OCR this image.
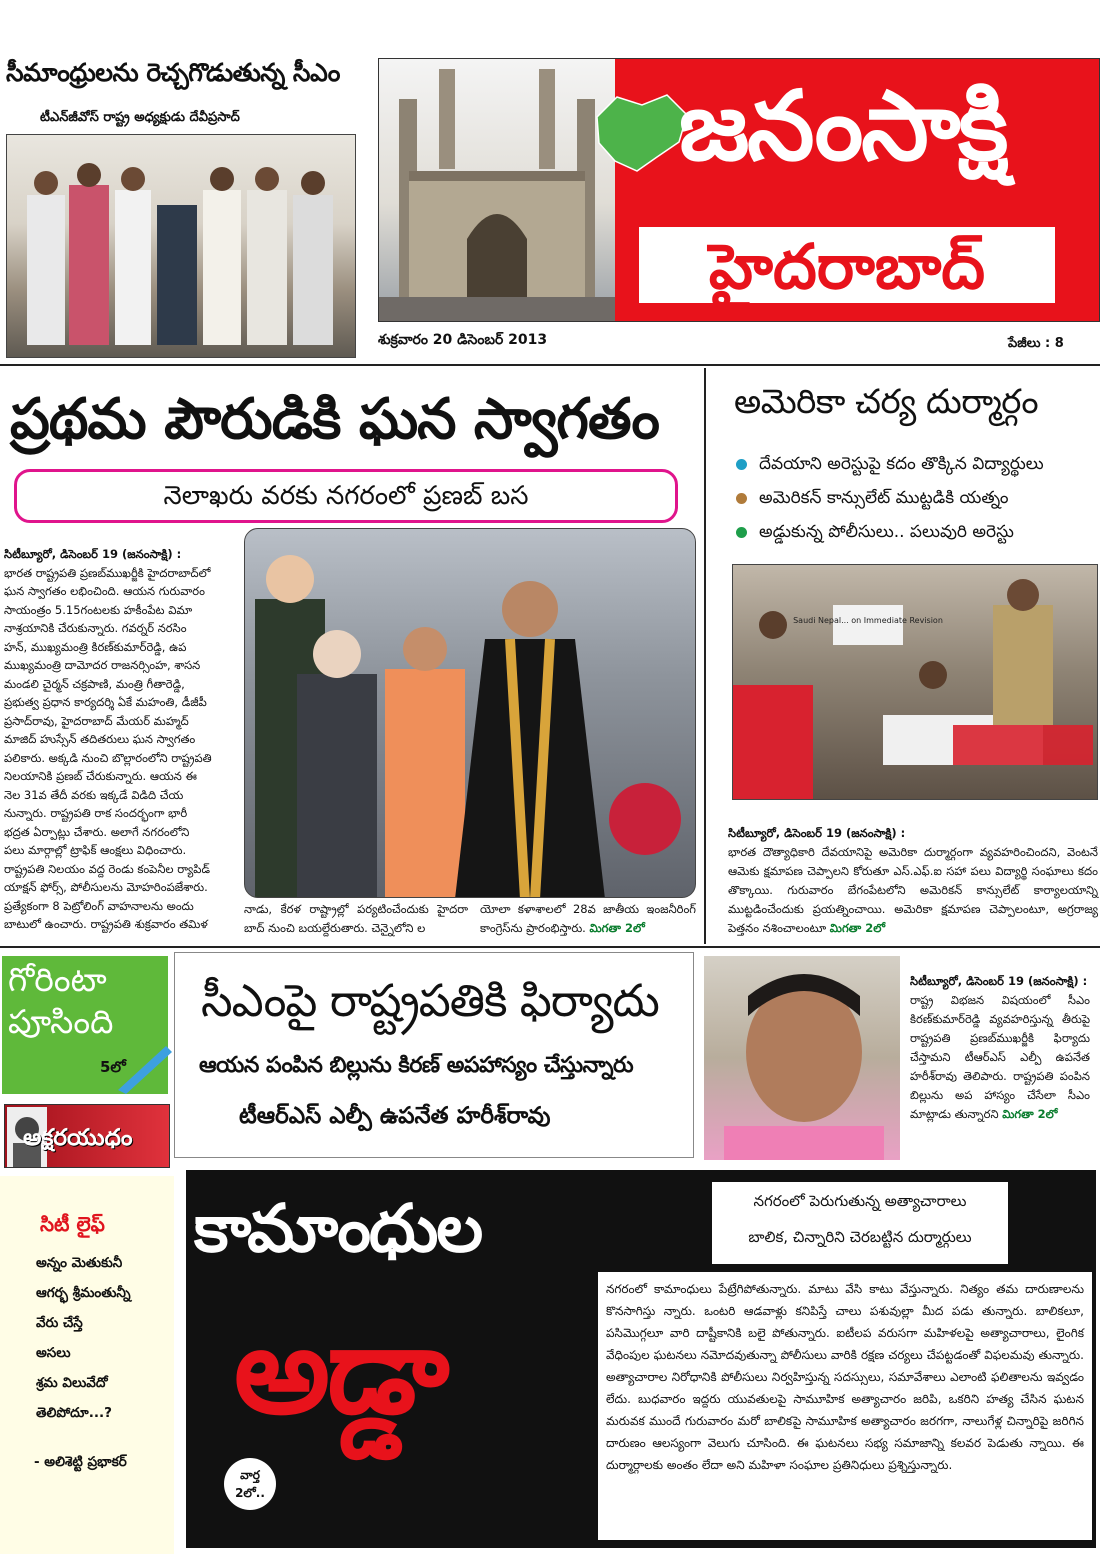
సీమాంధ్రులను రెచ్చగొడుతున్న సీఎం
టీఎన్‌జీవోస్‌ రాష్ట్ర అధ్యక్షుడు దేవీప్రసాద్‌	జనంసాక్షి
హైదరాబాద్‌
శుక్రవారం 20 డిసెంబర్‌ 2013	పేజీలు : 8
ప్రథమ పౌరుడికి ఘన స్వాగతం
నెలాఖరు వరకు నగరంలో ప్రణబ్‌ బస

సిటీబ్యూరో, డిసెంబర్‌ 19 (జనంసాక్షి) :

భారత రాష్ట్రపతి ప్రణబ్‌ముఖర్జీకి హైదరాబాద్‌లో

ఘన స్వాగతం లభించింది. ఆయన గురువారం

సాయంత్రం 5.15గంటలకు హకీంపేట విమా

నాశ్రయానికి చేరుకున్నారు. గవర్నర్‌ నరసిం

హన్‌, ముఖ్యమంత్రి కిరణ్‌కుమార్‌రెడ్డి, ఉప

ముఖ్యమంత్రి దామోదర రాజనర్సింహ, శాసన

మండలి చైర్మన్‌ చక్రపాణి, మంత్రి గీతారెడ్డి,

ప్రభుత్వ ప్రధాన కార్యదర్శి ఏకే మహంతి, డీజీపీ

ప్రసాద్‌రావు, హైదరాబాద్‌ మేయర్‌ మహ్మద్‌

మాజిద్‌ హుస్సేన్‌ తదితరులు ఘన స్వాగతం

పలికారు. అక్కడి నుంచి బొల్లారంలోని రాష్ట్రపతి

నిలయానికి ప్రణబ్‌ చేరుకున్నారు. ఆయన ఈ

నెల 31వ తేదీ వరకు ఇక్కడే విడిది చేయ

నున్నారు. రాష్ట్రపతి రాక సందర్భంగా భారీ

భద్రత ఏర్పాట్లు చేశారు. అలాగే నగరంలోని

పలు మార్గాల్లో ట్రాఫిక్‌ ఆంక్షలు విధించారు.

రాష్ట్రపతి నిలయం వద్ద రెండు కంపెనీల ర్యాపిడ్‌

యాక్షన్‌ ఫోర్స్‌, పోలీసులను మోహరింపజేశారు.

ప్రత్యేకంగా 8 పెట్రోలింగ్‌ వాహనాలను అందు

బాటులో ఉంచారు. రాష్ట్రపతి శుక్రవారం తమిళ

నాడు, కేరళ రాష్ట్రాల్లో పర్యటించేందుకు హైదరా బాద్‌ నుంచి బయల్దేరుతారు. చెన్నైలోని ల
యోలా కళాశాలలో 28వ జాతీయ ఇంజనీరింగ్‌ కాంగ్రెస్‌ను ప్రారంభిస్తారు. మిగతా 2లో
అమెరికా చర్య దుర్మార్గం
దేవయాని అరెస్టుపై కదం తొక్కిన విద్యార్థులు
అమెరికన్‌ కాన్సులేట్‌ ముట్టడికి యత్నం
అడ్డుకున్న పోలీసులు.. పలువురి అరెస్టు
Saudi Nepal... on Immediate Revision

సిటీబ్యూరో, డిసెంబర్‌ 19 (జనంసాక్షి) :

భారత దౌత్యాధికారి దేవయానిపై అమెరికా దుర్మార్గంగా వ్యవహరించిందని, వెంటనే ఆమెకు క్షమాపణ చెప్పాలని కోరుతూ ఎస్‌.ఎఫ్‌.ఐ సహా పలు విద్యార్థి సంఘాలు కదం తొక్కాయి. గురువారం బేగంపేటలోని అమెరికన్‌ కాన్సులేట్‌ కార్యాలయాన్ని ముట్టడించేందుకు ప్రయత్నించాయి. అమెరికా క్షమాపణ చెప్పాలంటూ, అగ్రరాజ్య పెత్తనం నశించాలంటూ మిగతా 2లో
గోరింటా
పూసింది
5లో
అక్షరయుధం
సిటీ లైఫ్‌
అన్నం మెతుకునీ
ఆగర్భ శ్రీమంతున్నీ
వేరు చేస్తే
అసలు
శ్రమ విలువేదో
తెలిపోదూ...?
- అలిశెట్టి ప్రభాకర్‌
సీఎంపై రాష్ట్రపతికి ఫిర్యాదు
ఆయన పంపిన బిల్లును కిరణ్‌ అపహాస్యం చేస్తున్నారు
టీఆర్‌ఎస్‌ ఎల్పీ ఉపనేత హరీశ్‌రావు

సిటీబ్యూరో, డిసెంబర్‌ 19 (జనంసాక్షి) :

రాష్ట్ర విభజన విషయంలో సీఎం కిరణ్‌కుమార్‌రెడ్డి వ్యవహరిస్తున్న తీరుపై రాష్ట్రపతి ప్రణబ్‌ముఖర్జీకి ఫిర్యాదు చేస్తామని టీఆర్‌ఎస్‌ ఎల్పీ ఉపనేత హరీశ్‌రావు తెలిపారు. రాష్ట్రపతి పంపిన బిల్లును అప హాస్యం చేసేలా సీఎం మాట్లాడు తున్నారని మిగతా 2లో
కామాంధుల
అడ్డా
వార్త
2లో..
నగరంలో పెరుగుతున్న అత్యాచారాలు
బాలిక, చిన్నారిని చెరబట్టిన దుర్మార్గులు
నగరంలో కామాంధులు పేట్రేగిపోతున్నారు. మాటు వేసి కాటు వేస్తున్నారు. నిత్యం తమ దారుణాలను కొనసాగిస్తు న్నారు. ఒంటరి ఆడవాళ్లు కనిపిస్తే చాలు పశువుల్లా మీద పడు తున్నారు. బాలికలూ, పసిమొగ్గలూ వారి దాష్టీకానికి బలై పోతున్నారు. ఐటీలప వరుసగా మహిళలపై అత్యాచారాలు, లైంగిక వేధింపుల ఘటనలు నమోదవుతున్నా పోలీసులు వారికి రక్షణ చర్యలు చేపట్టడంతో విఫలమవు తున్నారు. అత్యాచారాల నిరోధానికి పోలీసులు నిర్వహిస్తున్న సదస్సులు, సమావేశాలు ఎలాంటి ఫలితాలను ఇవ్వడం లేదు. బుధవారం ఇద్దరు యువతులపై సామూహిక అత్యాచారం జరిపి, ఒకరిని హత్య చేసిన ఘటన మరువక ముందే గురువారం మరో బాలికపై సామూహిక అత్యాచారం జరగగా, నాలుగేళ్ల చిన్నారిపై జరిగిన దారుణం ఆలస్యంగా వెలుగు చూసింది. ఈ ఘటనలు సభ్య సమాజాన్ని కలవర పెడుతు న్నాయి. ఈ దుర్మార్గాలకు అంతం లేదా అని మహిళా సంఘాల ప్రతినిధులు ప్రశ్నిస్తున్నారు.
